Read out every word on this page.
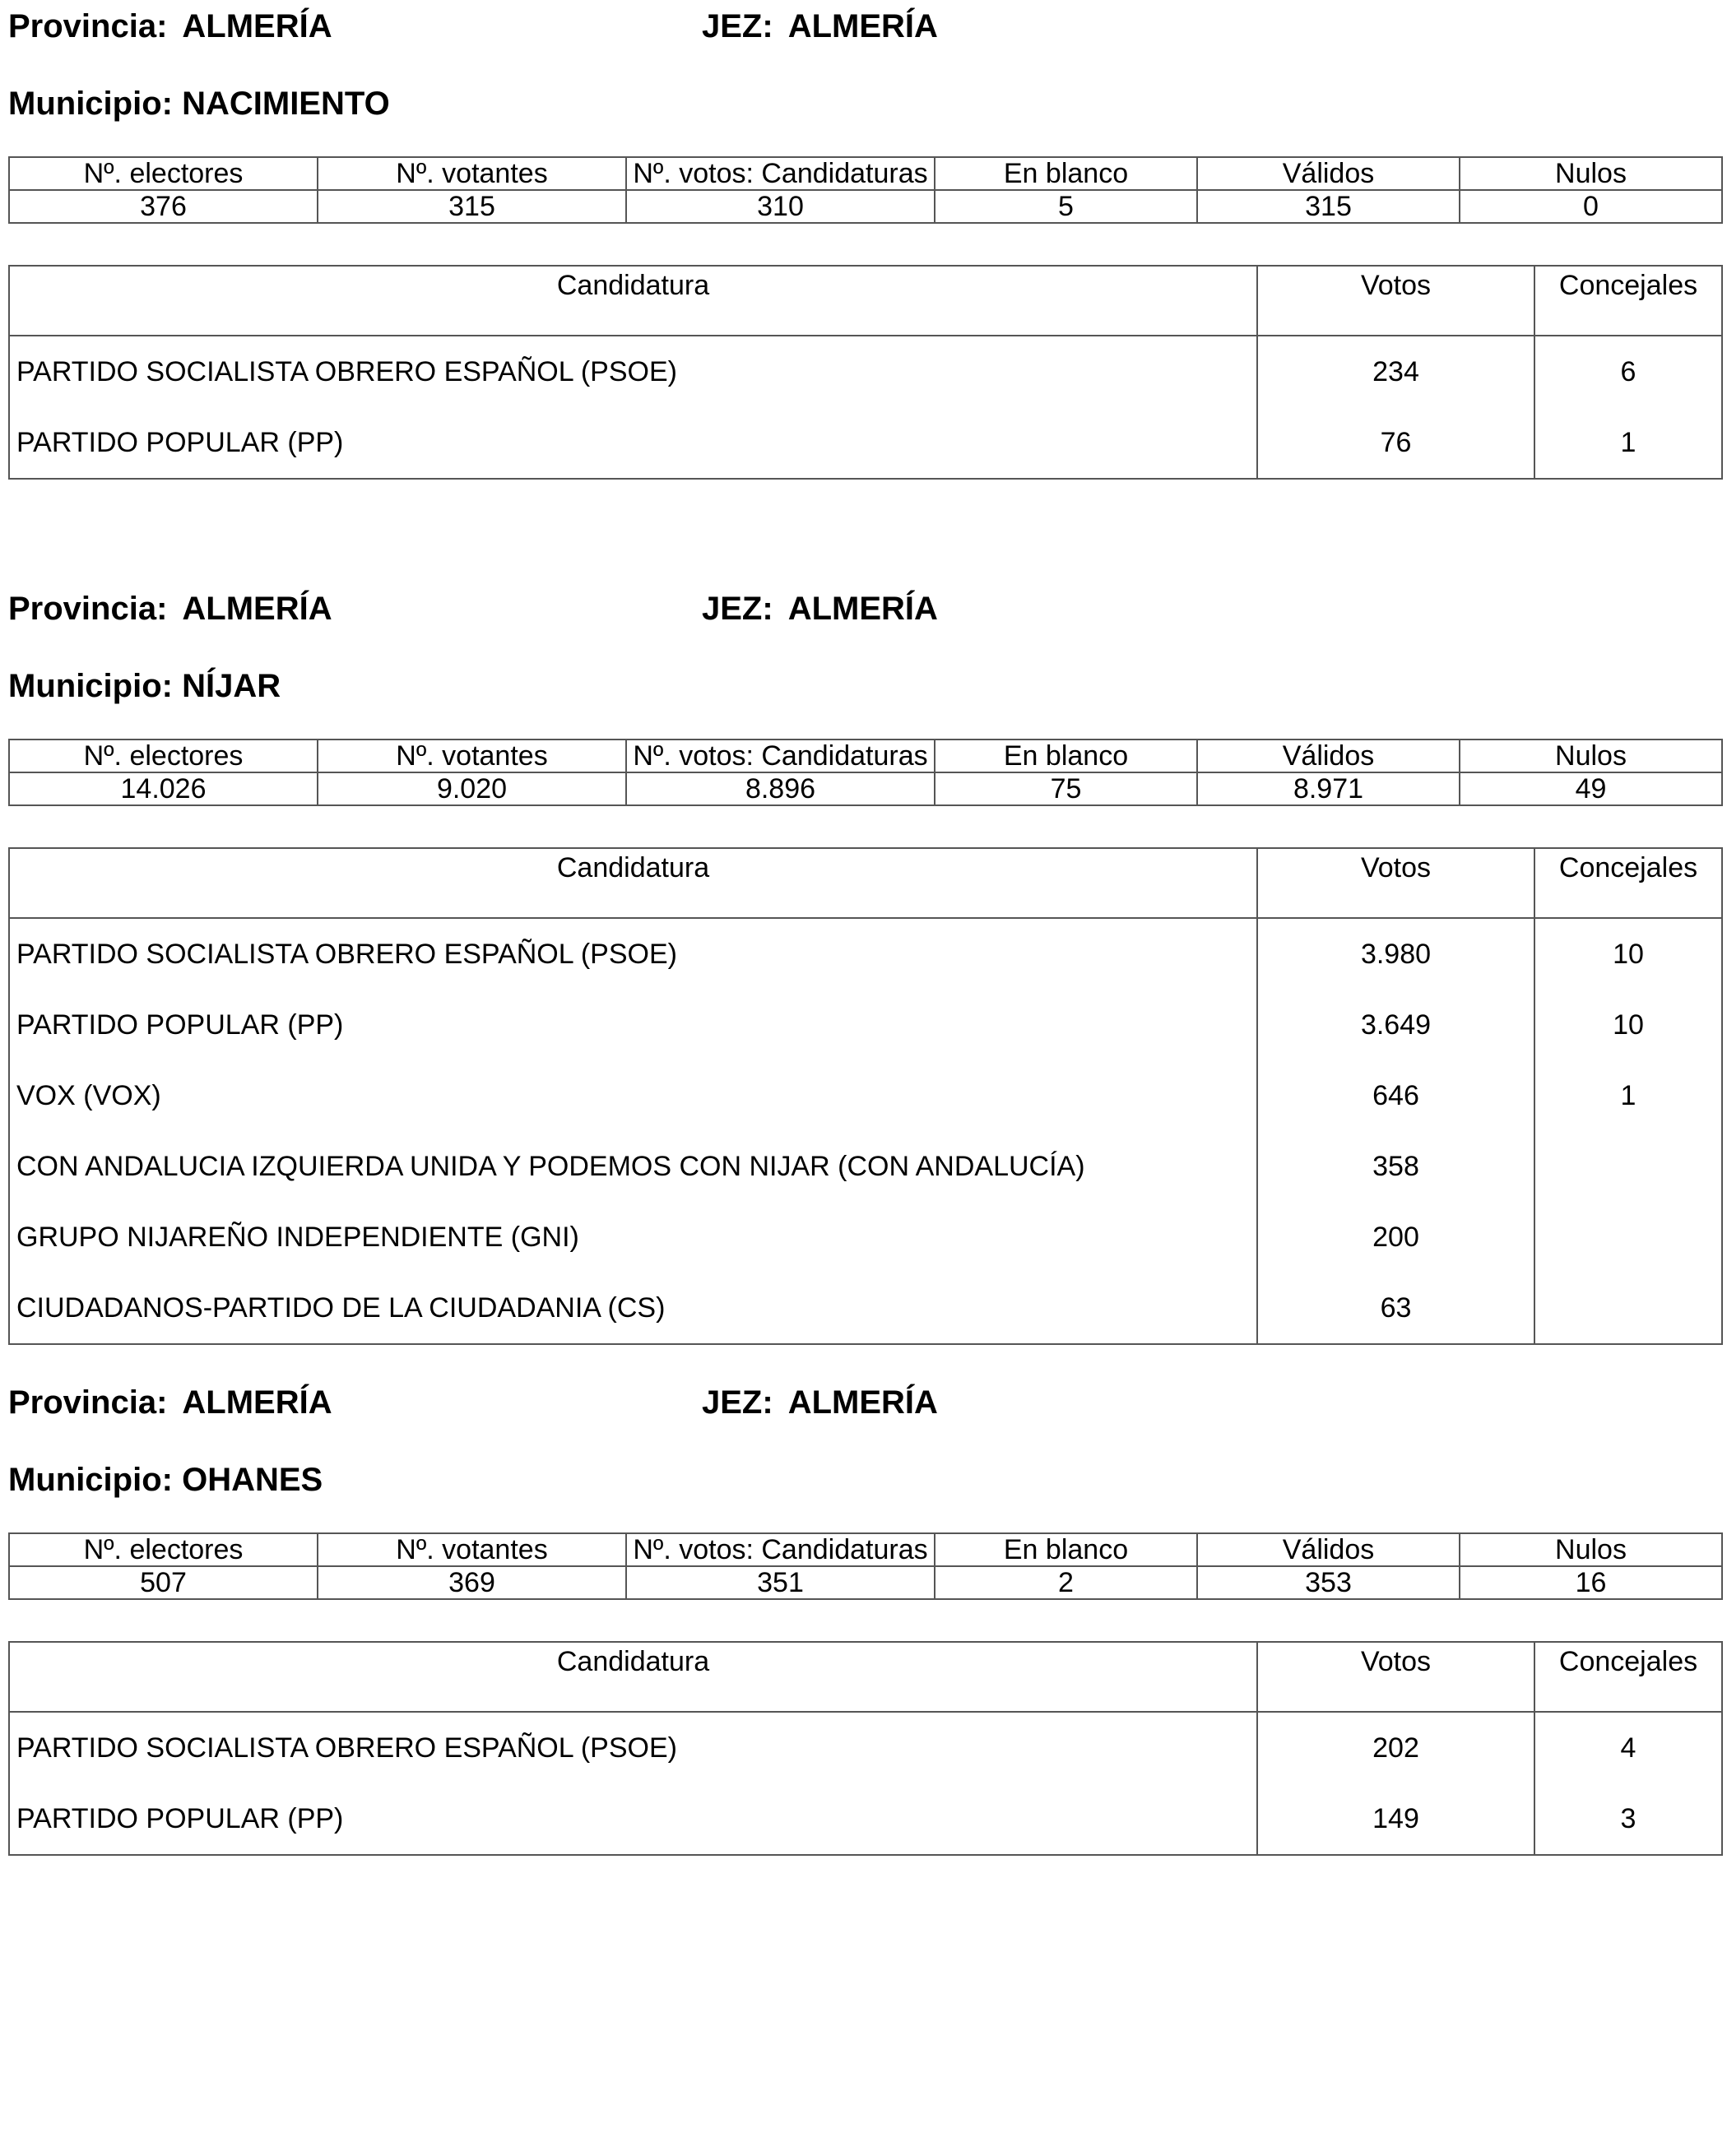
Provincia: ALMERÍA	JEZ: ALMERÍA
Municipio: NACIMIENTO
Nº. electores	Nº. votantes	Nº. votos: Candidaturas	En blanco	Válidos	Nulos
376	315	310	5	315	0
Candidatura	Votos	Concejales
PARTIDO SOCIALISTA OBRERO ESPAÑOL (PSOE)	234	6
PARTIDO POPULAR (PP)	76	1
Provincia: ALMERÍA	JEZ: ALMERÍA
Municipio: NÍJAR
Nº. electores	Nº. votantes	Nº. votos: Candidaturas	En blanco	Válidos	Nulos
14.026	9.020	8.896	75	8.971	49
Candidatura	Votos	Concejales
PARTIDO SOCIALISTA OBRERO ESPAÑOL (PSOE)	3.980	10
PARTIDO POPULAR (PP)	3.649	10
VOX (VOX)	646	1
CON ANDALUCIA IZQUIERDA UNIDA Y PODEMOS CON NIJAR (CON ANDALUCÍA)	358	
GRUPO NIJAREÑO INDEPENDIENTE (GNI)	200	
CIUDADANOS-PARTIDO DE LA CIUDADANIA (CS)	63	
Provincia: ALMERÍA	JEZ: ALMERÍA
Municipio: OHANES
Nº. electores	Nº. votantes	Nº. votos: Candidaturas	En blanco	Válidos	Nulos
507	369	351	2	353	16
Candidatura	Votos	Concejales
PARTIDO SOCIALISTA OBRERO ESPAÑOL (PSOE)	202	4
PARTIDO POPULAR (PP)	149	3
